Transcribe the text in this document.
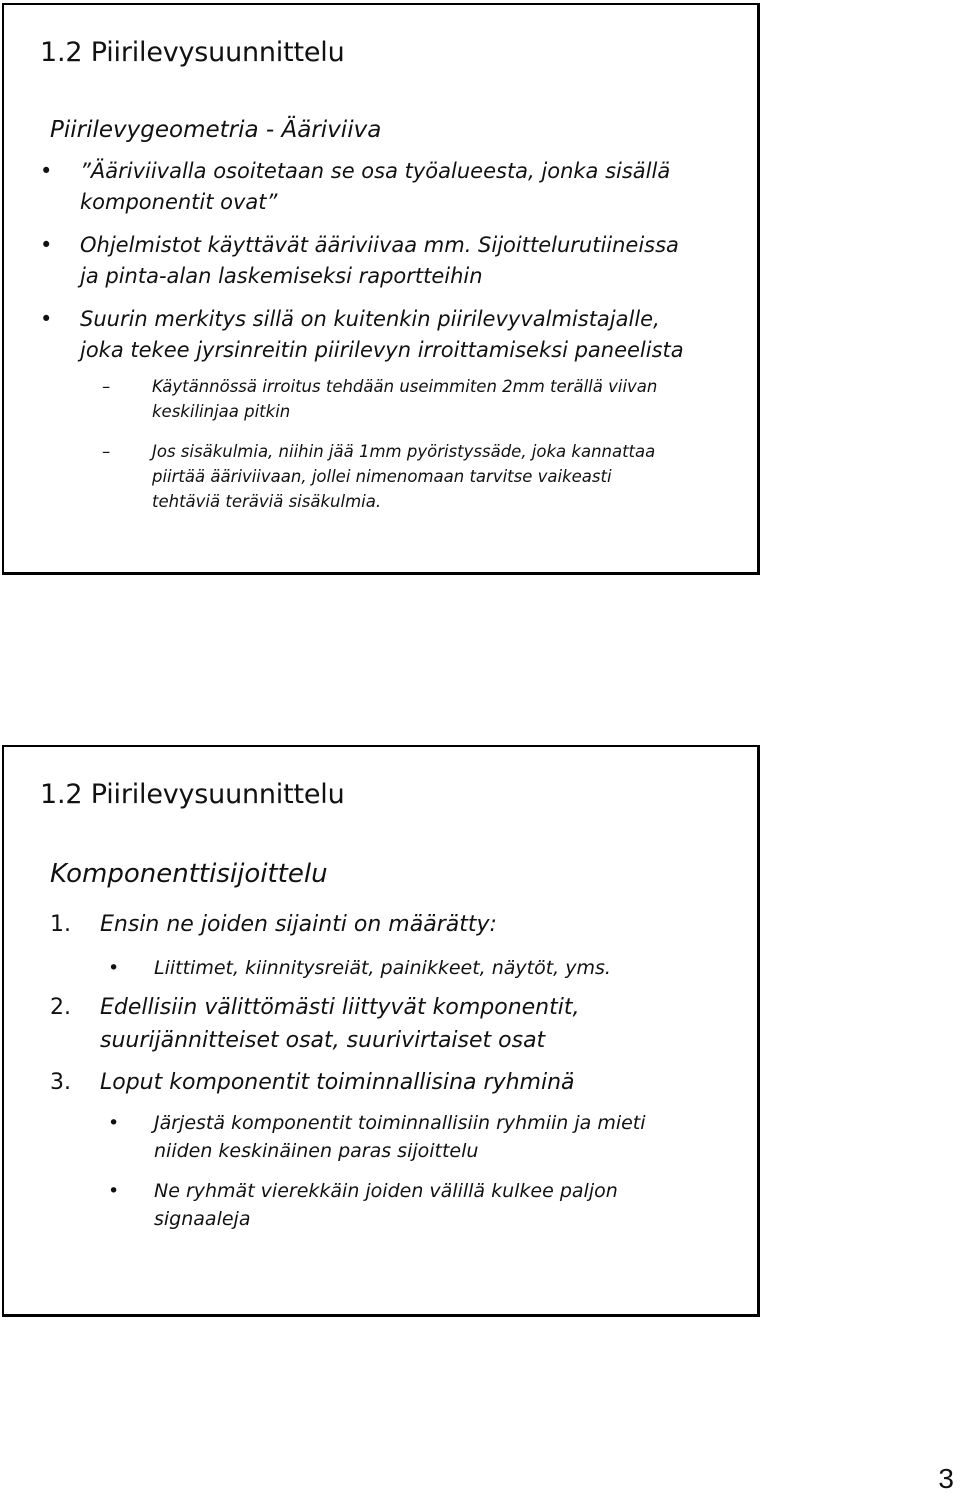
1.2 Piirilevysuunnittelu
Piirilevygeometria - Ääriviiva
• ”Ääriviivalla osoitetaan se osa työalueesta, jonka sisällä
komponentit ovat”
• Ohjelmistot käyttävät ääriviivaa mm. Sijoittelurutiineissa
ja pinta-alan laskemiseksi raportteihin
• Suurin merkitys sillä on kuitenkin piirilevyvalmistajalle,
joka tekee jyrsinreitin piirilevyn irroittamiseksi paneelista
–	Käytännössä irroitus tehdään useimmiten 2mm terällä viivan
keskilinjaa pitkin
–	Jos sisäkulmia, niihin jää 1mm pyöristyssäde, joka kannattaa
piirtää ääriviivaan, jollei nimenomaan tarvitse vaikeasti
tehtäviä teräviä sisäkulmia.
1.2 Piirilevysuunnittelu
Komponenttisijoittelu
1. Ensin ne joiden sijainti on määrätty:
• Liittimet, kiinnitysreiät, painikkeet, näytöt, yms.
2. Edellisiin välittömästi liittyvät komponentit,
suurijännitteiset osat, suurivirtaiset osat
3. Loput komponentit toiminnallisina ryhminä
• Järjestä komponentit toiminnallisiin ryhmiin ja mieti
niiden keskinäinen paras sijoittelu
• Ne ryhmät vierekkäin joiden välillä kulkee paljon
signaaleja
3
